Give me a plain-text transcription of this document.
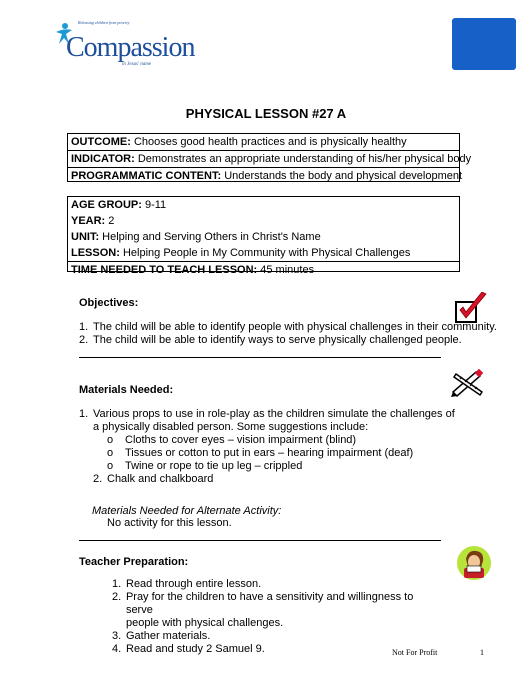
Releasing children from poverty
Compassion
in Jesus' name
PHYSICAL LESSON #27 A
OUTCOME: Chooses good health practices and is physically healthy
INDICATOR: Demonstrates an appropriate understanding of his/her physical body
PROGRAMMATIC CONTENT: Understands the body and physical development
AGE GROUP: 9-11
YEAR: 2
UNIT: Helping and Serving Others in Christ's Name
LESSON: Helping People in My Community with Physical Challenges
TIME NEEDED TO TEACH LESSON: 45 minutes
Objectives:
1. The child will be able to identify people with physical challenges in their community.
2. The child will be able to identify ways to serve physically challenged people.
Materials Needed:
1. Various props to use in role-play as the children simulate the challenges of
a physically disabled person. Some suggestions include:
o	Cloths to cover eyes – vision impairment (blind)
o	Tissues or cotton to put in ears – hearing impairment (deaf)
o	Twine or rope to tie up leg – crippled
2. Chalk and chalkboard
Materials Needed for Alternate Activity:
No activity for this lesson.
Teacher Preparation:
1. Read through entire lesson.
2. Pray for the children to have a sensitivity and willingness to serve
people with physical challenges.
3. Gather materials.
4. Read and study 2 Samuel 9.	Not For Profit	1
